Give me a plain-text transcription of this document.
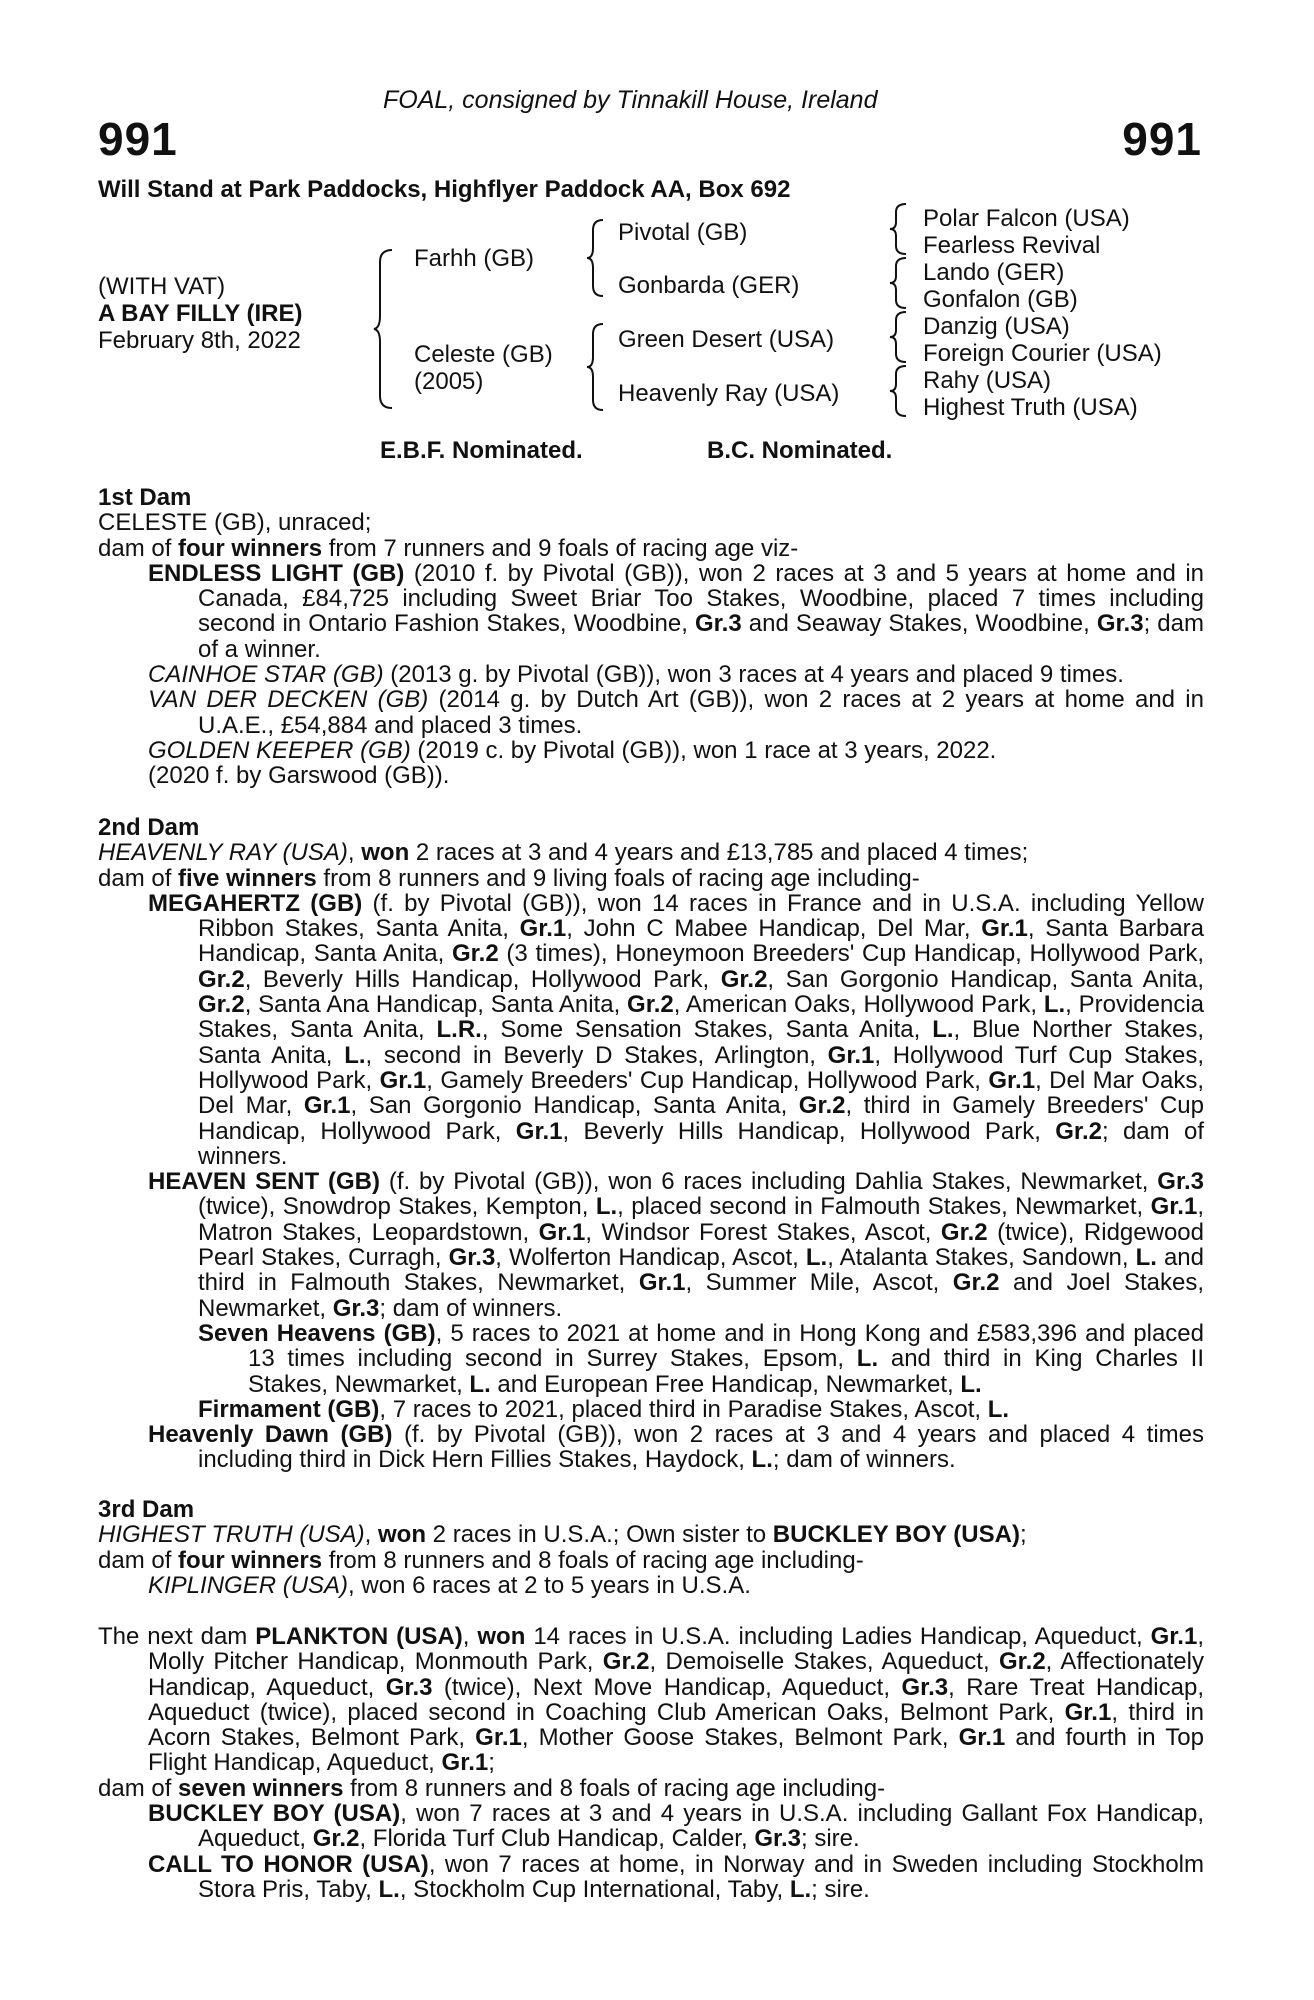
FOAL, consigned by Tinnakill House, Ireland
991	991
Will Stand at Park Paddocks, Highflyer Paddock AA, Box 692
(WITH VAT)
A BAY FILLY (IRE)
February 8th, 2022
Farhh (GB)
Celeste (GB)
(2005)
Pivotal (GB)
Gonbarda (GER)
Green Desert (USA)
Heavenly Ray (USA)
Polar Falcon (USA)
Fearless Revival
Lando (GER)
Gonfalon (GB)
Danzig (USA)
Foreign Courier (USA)
Rahy (USA)
Highest Truth (USA)
E.B.F. Nominated.	B.C. Nominated.
1st Dam
CELESTE (GB), unraced;
dam of four winners from 7 runners and 9 foals of racing age viz-
ENDLESS LIGHT (GB) (2010 f. by Pivotal (GB)), won 2 races at 3 and 5 years at home and in Canada, £84,725 including Sweet Briar Too Stakes, Woodbine, placed 7 times including second in Ontario Fashion Stakes, Woodbine, Gr.3 and Seaway Stakes, Woodbine, Gr.3; dam of a winner.
CAINHOE STAR (GB) (2013 g. by Pivotal (GB)), won 3 races at 4 years and placed 9 times.
VAN DER DECKEN (GB) (2014 g. by Dutch Art (GB)), won 2 races at 2 years at home and in U.A.E., £54,884 and placed 3 times.
GOLDEN KEEPER (GB) (2019 c. by Pivotal (GB)), won 1 race at 3 years, 2022.
(2020 f. by Garswood (GB)).
2nd Dam
HEAVENLY RAY (USA), won 2 races at 3 and 4 years and £13,785 and placed 4 times;
dam of five winners from 8 runners and 9 living foals of racing age including-
MEGAHERTZ (GB) (f. by Pivotal (GB)), won 14 races in France and in U.S.A. including Yellow Ribbon Stakes, Santa Anita, Gr.1, John C Mabee Handicap, Del Mar, Gr.1, Santa Barbara Handicap, Santa Anita, Gr.2 (3 times), Honeymoon Breeders' Cup Handicap, Hollywood Park, Gr.2, Beverly Hills Handicap, Hollywood Park, Gr.2, San Gorgonio Handicap, Santa Anita, Gr.2, Santa Ana Handicap, Santa Anita, Gr.2, American Oaks, Hollywood Park, L., Providencia Stakes, Santa Anita, L.R., Some Sensation Stakes, Santa Anita, L., Blue Norther Stakes, Santa Anita, L., second in Beverly D Stakes, Arlington, Gr.1, Hollywood Turf Cup Stakes, Hollywood Park, Gr.1, Gamely Breeders' Cup Handicap, Hollywood Park, Gr.1, Del Mar Oaks, Del Mar, Gr.1, San Gorgonio Handicap, Santa Anita, Gr.2, third in Gamely Breeders' Cup Handicap, Hollywood Park, Gr.1, Beverly Hills Handicap, Hollywood Park, Gr.2; dam of winners.
HEAVEN SENT (GB) (f. by Pivotal (GB)), won 6 races including Dahlia Stakes, Newmarket, Gr.3 (twice), Snowdrop Stakes, Kempton, L., placed second in Falmouth Stakes, Newmarket, Gr.1, Matron Stakes, Leopardstown, Gr.1, Windsor Forest Stakes, Ascot, Gr.2 (twice), Ridgewood Pearl Stakes, Curragh, Gr.3, Wolferton Handicap, Ascot, L., Atalanta Stakes, Sandown, L. and third in Falmouth Stakes, Newmarket, Gr.1, Summer Mile, Ascot, Gr.2 and Joel Stakes, Newmarket, Gr.3; dam of winners.
Seven Heavens (GB), 5 races to 2021 at home and in Hong Kong and £583,396 and placed 13 times including second in Surrey Stakes, Epsom, L. and third in King Charles II Stakes, Newmarket, L. and European Free Handicap, Newmarket, L.
Firmament (GB), 7 races to 2021, placed third in Paradise Stakes, Ascot, L.
Heavenly Dawn (GB) (f. by Pivotal (GB)), won 2 races at 3 and 4 years and placed 4 times including third in Dick Hern Fillies Stakes, Haydock, L.; dam of winners.
3rd Dam
HIGHEST TRUTH (USA), won 2 races in U.S.A.; Own sister to BUCKLEY BOY (USA);
dam of four winners from 8 runners and 8 foals of racing age including-
KIPLINGER (USA), won 6 races at 2 to 5 years in U.S.A.
The next dam PLANKTON (USA), won 14 races in U.S.A. including Ladies Handicap, Aqueduct, Gr.1, Molly Pitcher Handicap, Monmouth Park, Gr.2, Demoiselle Stakes, Aqueduct, Gr.2, Affectionately Handicap, Aqueduct, Gr.3 (twice), Next Move Handicap, Aqueduct, Gr.3, Rare Treat Handicap, Aqueduct (twice), placed second in Coaching Club American Oaks, Belmont Park, Gr.1, third in Acorn Stakes, Belmont Park, Gr.1, Mother Goose Stakes, Belmont Park, Gr.1 and fourth in Top Flight Handicap, Aqueduct, Gr.1;
dam of seven winners from 8 runners and 8 foals of racing age including-
BUCKLEY BOY (USA), won 7 races at 3 and 4 years in U.S.A. including Gallant Fox Handicap, Aqueduct, Gr.2, Florida Turf Club Handicap, Calder, Gr.3; sire.
CALL TO HONOR (USA), won 7 races at home, in Norway and in Sweden including Stockholm Stora Pris, Taby, L., Stockholm Cup International, Taby, L.; sire.
